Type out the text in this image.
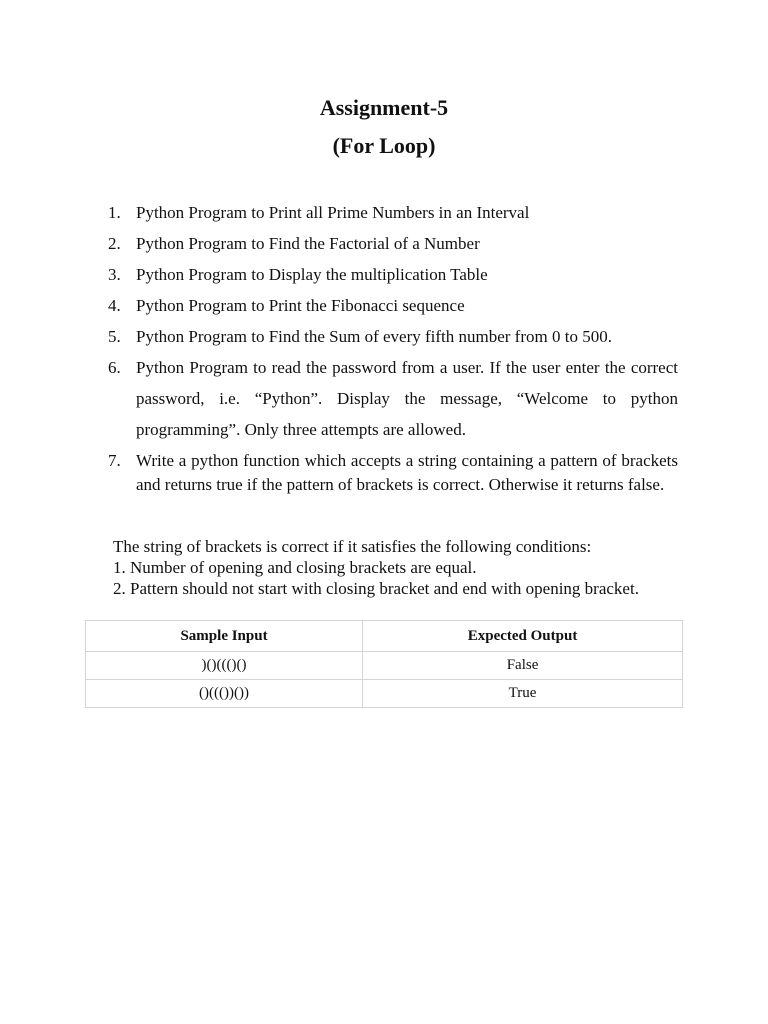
Assignment-5
(For Loop)
1. Python Program to Print all Prime Numbers in an Interval
2. Python Program to Find the Factorial of a Number
3. Python Program to Display the multiplication Table
4. Python Program to Print the Fibonacci sequence
5. Python Program to Find the Sum of every fifth number from 0 to 500.
6. Python Program to read the password from a user. If the user enter the correct password, i.e. “Python”. Display the message, “Welcome to python programming”. Only three attempts are allowed.
7. Write a python function which accepts a string containing a pattern of brackets and returns true if the pattern of brackets is correct. Otherwise it returns false.
The string of brackets is correct if it satisfies the following conditions:
1. Number of opening and closing brackets are equal.
2. Pattern should not start with closing bracket and end with opening bracket.
Sample Input	Expected Output
)()((()()	False
()((())())	True
